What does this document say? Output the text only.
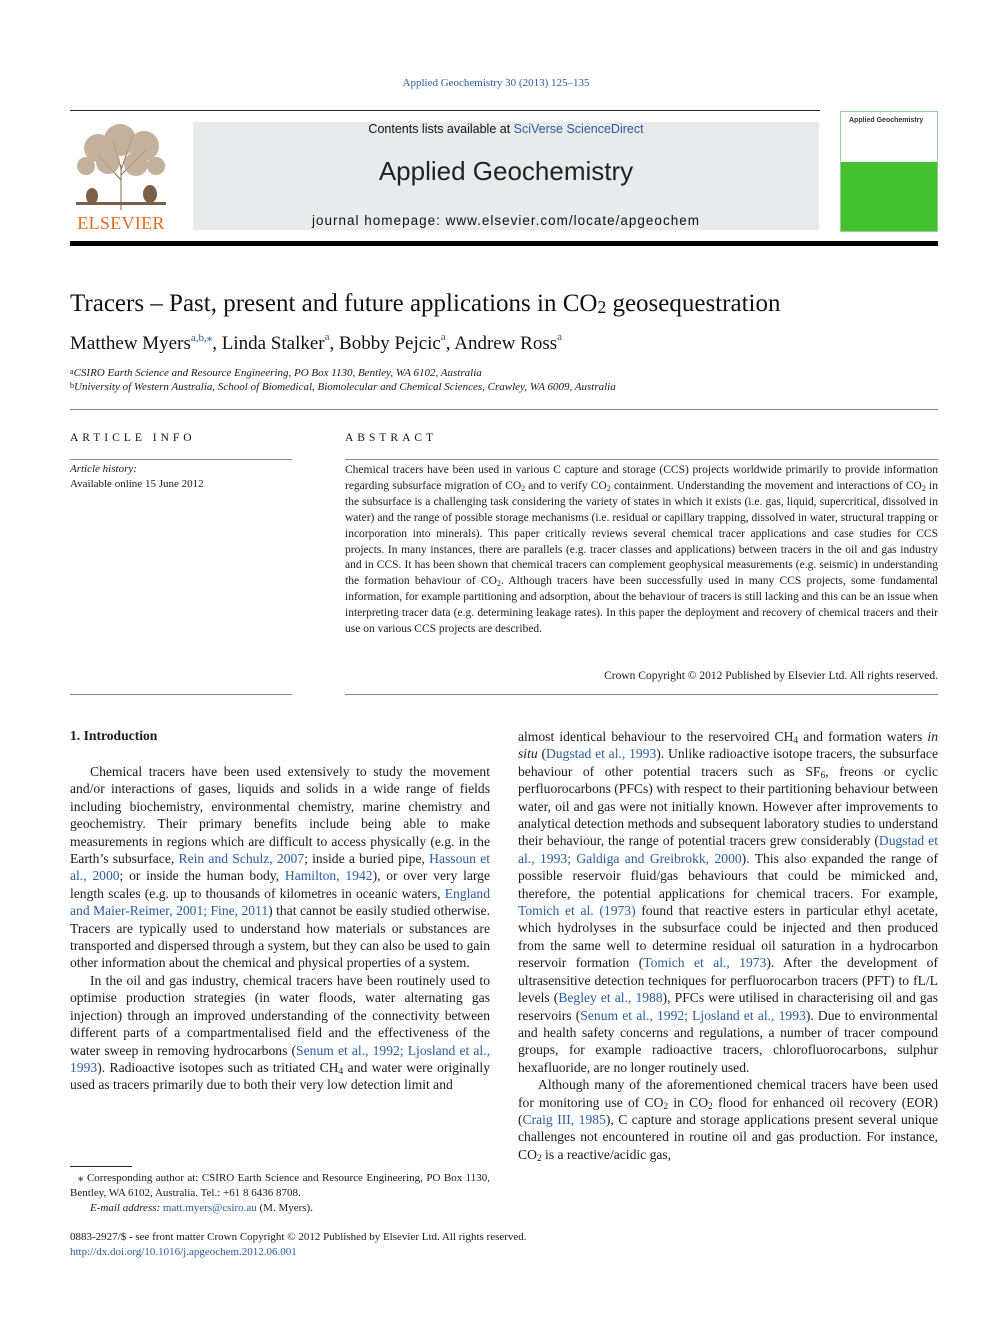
Applied Geochemistry 30 (2013) 125–135
ELSEVIER
Contents lists available at SciVerse ScienceDirect
Applied Geochemistry
journal homepage: www.elsevier.com/locate/apgeochem
Applied Geochemistry
Tracers – Past, present and future applications in $CO_2$ geosequestration
Matthew Myers$^{a,b,⁎}$, Linda Stalker$^a$, Bobby Pejcic$^a$, Andrew Ross$^a$
$^a$CSIRO Earth Science and Resource Engineering, PO Box 1130, Bentley, WA 6102, Australia
$^b$University of Western Australia, School of Biomedical, Biomolecular and Chemical Sciences, Crawley, WA 6009, Australia
ARTICLE INFO
Article history:
Available online 15 June 2012
ABSTRACT
Chemical tracers have been used in various C capture and storage (CCS) projects worldwide primarily to provide information regarding subsurface migration of $CO_2$ and to verify $CO_2$ containment. Understanding the movement and interactions of $CO_2$ in the subsurface is a challenging task considering the variety of states in which it exists (i.e. gas, liquid, supercritical, dissolved in water) and the range of possible storage mechanisms (i.e. residual or capillary trapping, dissolved in water, structural trapping or incorporation into minerals). This paper critically reviews several chemical tracer applications and case studies for CCS projects. In many instances, there are parallels (e.g. tracer classes and applications) between tracers in the oil and gas industry and in CCS. It has been shown that chemical tracers can complement geophysical measurements (e.g. seismic) in understanding the formation behaviour of $CO_2$. Although tracers have been successfully used in many CCS projects, some fundamental information, for example partitioning and adsorption, about the behaviour of tracers is still lacking and this can be an issue when interpreting tracer data (e.g. determining leakage rates). In this paper the deployment and recovery of chemical tracers and their use on various CCS projects are described.
Crown Copyright © 2012 Published by Elsevier Ltd. All rights reserved.
1. Introduction

Chemical tracers have been used extensively to study the movement and/or interactions of gases, liquids and solids in a wide range of fields including biochemistry, environmental chemistry, marine chemistry and geochemistry. Their primary benefits include being able to make measurements in regions which are difficult to access physically (e.g. in the Earth’s subsurface, Rein and Schulz, 2007; inside a buried pipe, Hassoun et al., 2000; or inside the human body, Hamilton, 1942), or over very large length scales (e.g. up to thousands of kilometres in oceanic waters, England and Maier-Reimer, 2001; Fine, 2011) that cannot be easily studied otherwise. Tracers are typically used to understand how materials or substances are transported and dispersed through a system, but they can also be used to gain other information about the chemical and physical properties of a system.

In the oil and gas industry, chemical tracers have been routinely used to optimise production strategies (in water floods, water alternating gas injection) through an improved understanding of the connectivity between different parts of a compartmentalised field and the effectiveness of the water sweep in removing hydrocarbons (Senum et al., 1992; Ljosland et al., 1993). Radioactive isotopes such as tritiated $CH_4$ and water were originally used as tracers primarily due to both their very low detection limit and

almost identical behaviour to the reservoired $CH_4$ and formation waters in situ (Dugstad et al., 1993). Unlike radioactive isotope tracers, the subsurface behaviour of other potential tracers such as $SF_6$, freons or cyclic perfluorocarbons (PFCs) with respect to their partitioning behaviour between water, oil and gas were not initially known. However after improvements to analytical detection methods and subsequent laboratory studies to understand their behaviour, the range of potential tracers grew considerably (Dugstad et al., 1993; Galdiga and Greibrokk, 2000). This also expanded the range of possible reservoir fluid/gas behaviours that could be mimicked and, therefore, the potential applications for chemical tracers. For example, Tomich et al. (1973) found that reactive esters in particular ethyl acetate, which hydrolyses in the subsurface could be injected and then produced from the same well to determine residual oil saturation in a hydrocarbon reservoir formation (Tomich et al., 1973). After the development of ultrasensitive detection techniques for perfluorocarbon tracers (PFT) to fL/L levels (Begley et al., 1988), PFCs were utilised in characterising oil and gas reservoirs (Senum et al., 1992; Ljosland et al., 1993). Due to environmental and health safety concerns and regulations, a number of tracer compound groups, for example radioactive tracers, chlorofluorocarbons, sulphur hexafluoride, are no longer routinely used.

Although many of the aforementioned chemical tracers have been used for monitoring use of $CO_2$ in $CO_2$ flood for enhanced oil recovery (EOR) (Craig III, 1985), C capture and storage applications present several unique challenges not encountered in routine oil and gas production. For instance, $CO_2$ is a reactive/acidic gas,

⁎ Corresponding author at: CSIRO Earth Science and Resource Engineering, PO Box 1130, Bentley, WA 6102, Australia. Tel.: +61 8 6436 8708.
E-mail address: matt.myers@csiro.au (M. Myers).
0883-2927/$ - see front matter Crown Copyright © 2012 Published by Elsevier Ltd. All rights reserved.
http://dx.doi.org/10.1016/j.apgeochem.2012.06.001
